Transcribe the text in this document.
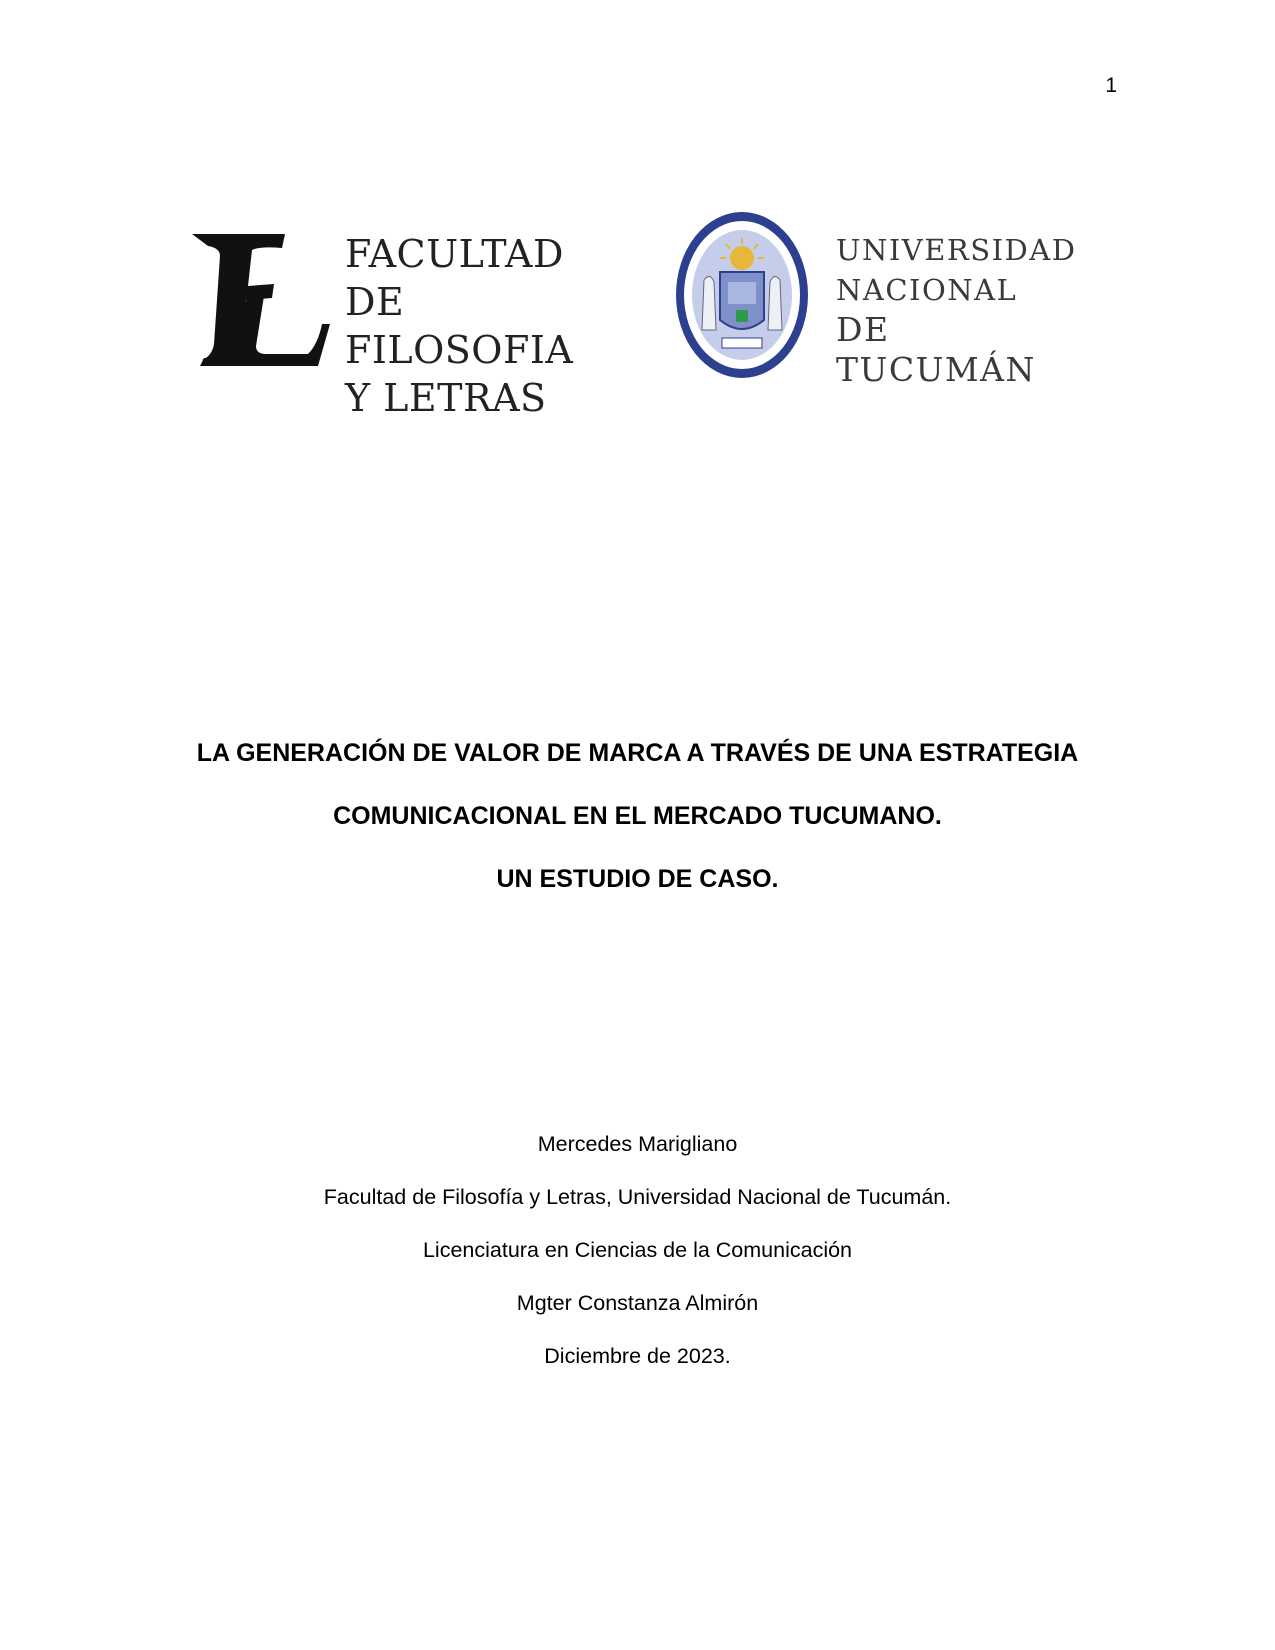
1
FACULTAD
DE FILOSOFIA
Y LETRAS
UNIVERSIDAD
NACIONAL
DE TUCUMÁN
LA GENERACIÓN DE VALOR DE MARCA A TRAVÉS DE UNA ESTRATEGIA
COMUNICACIONAL EN EL MERCADO TUCUMANO.
UN ESTUDIO DE CASO.
Mercedes Marigliano
Facultad de Filosofía y Letras, Universidad Nacional de Tucumán.
Licenciatura en Ciencias de la Comunicación
Mgter Constanza Almirón
Diciembre de 2023.
